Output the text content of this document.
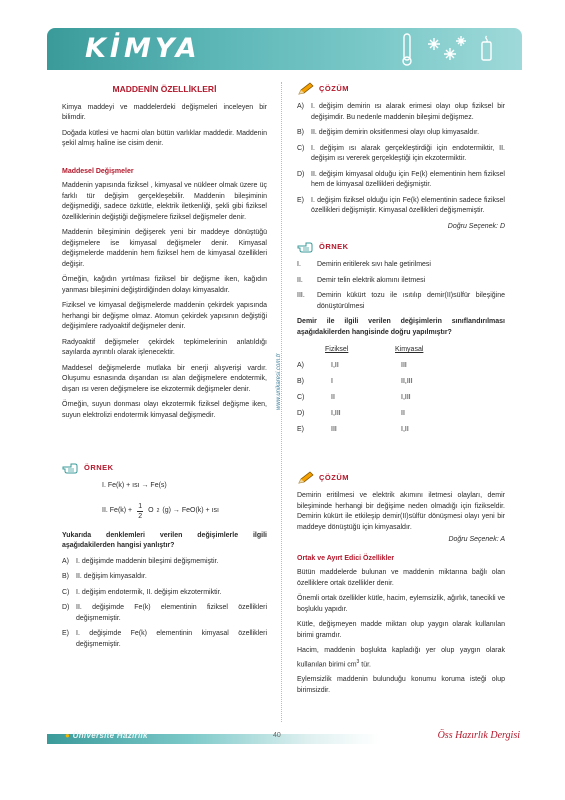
KİMYA
MADDENİN ÖZELLİKLERİ

Kimya maddeyi ve maddelerdeki değişmeleri inceleyen bir bilimdir.

Doğada kütlesi ve hacmi olan bütün varlıklar maddedir. Maddenin şekil almış haline ise cisim denir.

Maddesel Değişmeler

Maddenin yapısında fiziksel , kimyasal ve nükleer olmak üzere üç farklı tür değişim gerçekleşebilir. Maddenin bileşiminin değişmediği, sadece özkütle, elektrik iletkenliği, şekli gibi fiziksel özelliklerinin değiştiği değişmelere fiziksel değişmeler denir.

Maddenin bileşiminin değişerek yeni bir maddeye dönüştüğü değişmelere ise kimyasal değişmeler denir. Kimyasal değişmelerde maddenin hem fiziksel hem de kimyasal özellikleri değişir.

Örneğin, kağıdın yırtılması fiziksel bir değişme iken, kağıdın yanması bileşimini değiştirdiğinden dolayı kimyasaldır.

Fiziksel ve kimyasal değişmelerde maddenin çekirdek yapısında herhangi bir değişme olmaz. Atomun çekirdek yapısının değiştiği değişimlere radyoaktif değişmeler denir.

Radyoaktif değişmeler çekirdek tepkimelerinin anlatıldığı sayılarda ayrıntılı olarak işlenecektir.

Maddesel değişmelerde mutlaka bir enerji alışverişi vardır. Oluşumu esnasında dışarıdan ısı alan değişmelere endotermik, dışarı ısı veren değişmelere ise ekzotermik değişmeler denir.

Örneğin, suyun donması olayı ekzotermik fiziksel değişme iken, suyun elektrolizi endotermik kimyasal değişmedir.

ÖRNEK
I. Fe(k) + ısı → Fe(s)
II. Fe(k) +
1
2
O 2 (g) → FeO(k) + ısı

Yukarıda denklemleri verilen değişimlerle ilgili aşağıdakilerden hangisi yanlıştır?

A)	I. değişimde maddenin bileşimi değişmemiştir.
B)	II. değişim kimyasaldır.
C) I. değişim endotermik, II. değişim ekzotermiktir.
D) II. değişimde Fe(k) elementinin fiziksel özellikleri değişmemiştir.
E)	I. değişimde Fe(k) elementinin kimyasal özellikleri değişmemiştir.
www.unikaresi.com.tr
ÇÖZÜM
A)	I. değişim demirin ısı alarak erimesi olayı olup fiziksel bir değişimdir. Bu nedenle maddenin bileşimi değişmez.
B)	II. değişim demirin oksitlenmesi olayı olup kimyasaldır.
C) I. değişim ısı alarak gerçekleştirdiği için endotermiktir, II. değişim ısı vererek gerçekleştiği için ekzotermiktir.
D) II. değişim kimyasal olduğu için Fe(k) elementinin hem fiziksel hem de kimyasal özellikleri değişmiştir.
E)	I. değişim fiziksel olduğu için Fe(k) elementinin sadece fiziksel özellikleri değişmiştir. Kimyasal özellikleri değişmemiştir.
Doğru Seçenek: D
ÖRNEK
I.	Demirin eritilerek sıvı hale getirilmesi
II.	Demir telin elektrik akımını iletmesi
III.	Demirin kükürt tozu ile ısıtılıp demir(II)sülfür bileşiğine dönüştürülmesi

Demir ile ilgili verilen değişimlerin sınıflandırılması aşağıdakilerden hangisinde doğru yapılmıştır?

	Fiziksel	Kimyasal
A)	I,II	III
B)	I	II,III
C)	II	I,III
D)	I,III	II
E)	III	I,II
ÇÖZÜM

Demirin eritilmesi ve elektrik akımını iletmesi olayları, demir bileşiminde herhangi bir değişime neden olmadığı için fizikseldir. Demirin kükürt ile etkileşip demir(II)sülfür dönüşmesi olayı yeni bir maddeye dönüştüğü için kimyasaldır.

Doğru Seçenek: A
Ortak ve Ayırt Edici Özellikler

Bütün maddelerde bulunan ve maddenin miktarına bağlı olan özelliklere ortak özellikler denir.

Önemli ortak özellikler kütle, hacim, eylemsizlik, ağırlık, tanecikli ve boşluklu yapıdır.

Kütle, değişmeyen madde miktarı olup yaygın olarak kullanılan birimi gramdır.

Hacim, maddenin boşlukta kapladığı yer olup yaygın olarak kullanılan birimi $cm^3$ tür.

Eylemsizlik maddenin bulunduğu konumu koruma isteği olup birimsizdir.

● Üniversite Hazırlık	40	Öss Hazırlık Dergisi
